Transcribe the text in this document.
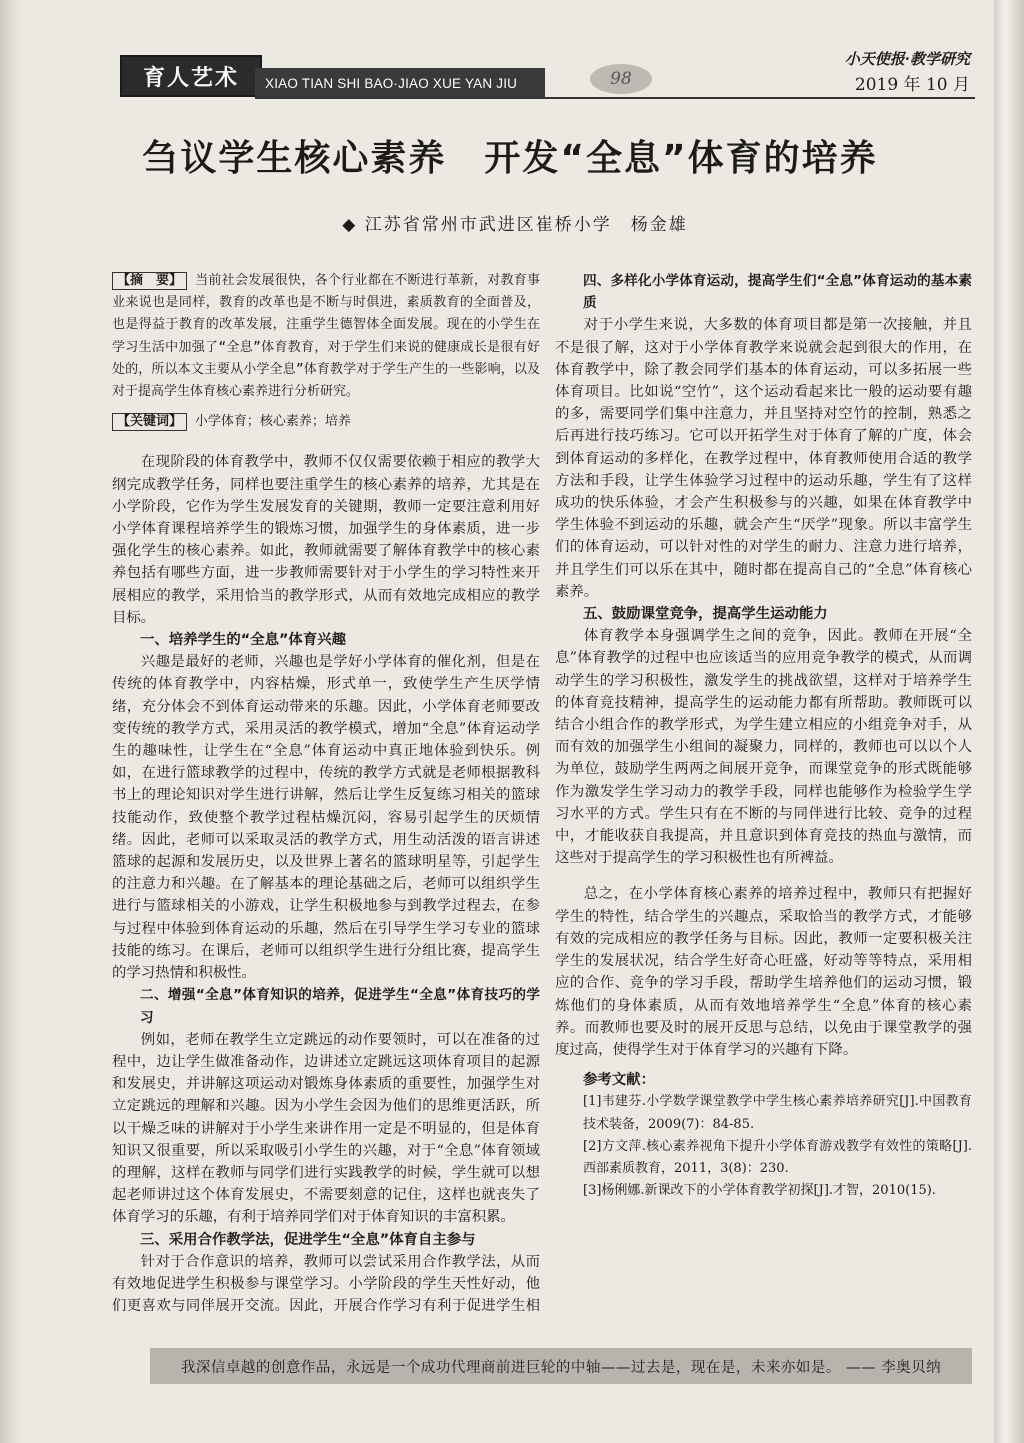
育人艺术	XIAO TIAN SHI BAO·JIAO XUE YAN JIU	98
小天使报·教学研究
2019 年 10 月
刍议学生核心素养　开发“全息”体育的培养
◆ 江苏省常州市武进区崔桥小学　杨金雄

【摘　要】 当前社会发展很快，各个行业都在不断进行革新，对教育事业来说也是同样，教育的改革也是不断与时俱进，素质教育的全面普及，也是得益于教育的改革发展，注重学生德智体全面发展。现在的小学生在学习生活中加强了“全息”体育教育，对于学生们来说的健康成长是很有好处的，所以本文主要从小学全息”体育教学对于学生产生的一些影响，以及对于提高学生体育核心素养进行分析研究。

【关键词】 小学体育；核心素养；培养

在现阶段的体育教学中，教师不仅仅需要依赖于相应的教学大纲完成教学任务，同样也要注重学生的核心素养的培养，尤其是在小学阶段，它作为学生发展发育的关键期，教师一定要注意利用好小学体育课程培养学生的锻炼习惯，加强学生的身体素质，进一步强化学生的核心素养。如此，教师就需要了解体育教学中的核心素养包括有哪些方面，进一步教师需要针对于小学生的学习特性来开展相应的教学，采用恰当的教学形式，从而有效地完成相应的教学目标。

一、培养学生的“全息”体育兴趣

兴趣是最好的老师，兴趣也是学好小学体育的催化剂，但是在传统的体育教学中，内容枯燥，形式单一，致使学生产生厌学情绪，充分体会不到体育运动带来的乐趣。因此，小学体育老师要改变传统的教学方式，采用灵活的教学模式，增加“全息”体育运动学生的趣味性，让学生在“全息”体育运动中真正地体验到快乐。例如，在进行篮球教学的过程中，传统的教学方式就是老师根据教科书上的理论知识对学生进行讲解，然后让学生反复练习相关的篮球技能动作，致使整个教学过程枯燥沉闷，容易引起学生的厌烦情绪。因此，老师可以采取灵活的教学方式，用生动活泼的语言讲述篮球的起源和发展历史，以及世界上著名的篮球明星等，引起学生的注意力和兴趣。在了解基本的理论基础之后，老师可以组织学生进行与篮球相关的小游戏，让学生积极地参与到教学过程去，在参与过程中体验到体育运动的乐趣，然后在引导学生学习专业的篮球技能的练习。在课后，老师可以组织学生进行分组比赛，提高学生的学习热情和积极性。

二、增强“全息”体育知识的培养，促进学生“全息”体育技巧的学习

例如，老师在教学生立定跳远的动作要领时，可以在准备的过程中，边让学生做准备动作，边讲述立定跳远这项体育项目的起源和发展史，并讲解这项运动对锻炼身体素质的重要性，加强学生对立定跳远的理解和兴趣。因为小学生会因为他们的思维更活跃，所以干燥乏味的讲解对于小学生来讲作用一定是不明显的，但是体育知识又很重要，所以采取吸引小学生的兴趣，对于“全息”体育领域的理解，这样在教师与同学们进行实践教学的时候，学生就可以想起老师讲过这个体育发展史，不需要刻意的记住，这样也就丧失了体育学习的乐趣，有利于培养同学们对于体育知识的丰富积累。

三、采用合作教学法，促进学生“全息”体育自主参与

针对于合作意识的培养，教师可以尝试采用合作教学法，从而有效地促进学生积极参与课堂学习。小学阶段的学生天性好动，他们更喜欢与同伴展开交流。因此，开展合作学习有利于促进学生相

四、多样化小学体育运动，提高学生们“全息”体育运动的基本素质

对于小学生来说，大多数的体育项目都是第一次接触，并且不是很了解，这对于小学体育教学来说就会起到很大的作用，在体育教学中，除了教会同学们基本的体育运动，可以多拓展一些体育项目。比如说“空竹”，这个运动看起来比一般的运动要有趣的多，需要同学们集中注意力，并且坚持对空竹的控制，熟悉之后再进行技巧练习。它可以开拓学生对于体育了解的广度，体会到体育运动的多样化，在教学过程中，体育教师使用合适的教学方法和手段，让学生体验学习过程中的运动乐趣，学生有了这样成功的快乐体验，才会产生积极参与的兴趣，如果在体育教学中学生体验不到运动的乐趣，就会产生“厌学”现象。所以丰富学生们的体育运动，可以针对性的对学生的耐力、注意力进行培养，并且学生们可以乐在其中，随时都在提高自己的“全息”体育核心素养。

五、鼓励课堂竞争，提高学生运动能力

体育教学本身强调学生之间的竞争，因此。教师在开展“全息”体育教学的过程中也应该适当的应用竞争教学的模式，从而调动学生的学习积极性，激发学生的挑战欲望，这样对于培养学生的体育竞技精神，提高学生的运动能力都有所帮助。教师既可以结合小组合作的教学形式，为学生建立相应的小组竞争对手，从而有效的加强学生小组间的凝聚力，同样的，教师也可以以个人为单位，鼓励学生两两之间展开竞争，而课堂竞争的形式既能够作为激发学生学习动力的教学手段，同样也能够作为检验学生学习水平的方式。学生只有在不断的与同伴进行比较、竞争的过程中，才能收获自我提高，并且意识到体育竞技的热血与激情，而这些对于提高学生的学习积极性也有所裨益。

总之，在小学体育核心素养的培养过程中，教师只有把握好学生的特性，结合学生的兴趣点，采取恰当的教学方式，才能够有效的完成相应的教学任务与目标。因此，教师一定要积极关注学生的发展状况，结合学生好奇心旺盛，好动等等特点，采用相应的合作、竞争的学习手段，帮助学生培养他们的运动习惯，锻炼他们的身体素质，从而有效地培养学生“全息”体育的核心素养。而教师也要及时的展开反思与总结，以免由于课堂教学的强度过高，使得学生对于体育学习的兴趣有下降。

参考文献：

[1]韦建芬.小学数学课堂教学中学生核心素养培养研究[J].中国教育技术装备，2009(7)：84-85.

[2]方文萍.核心素养视角下提升小学体育游戏教学有效性的策略[J].西部素质教育，2011，3(8)：230.

[3]杨俐娜.新课改下的小学体育教学初探[J].才智，2010(15).

我深信卓越的创意作品，永远是一个成功代理商前进巨轮的中轴——过去是，现在是，未来亦如是。 —— 李奥贝纳
